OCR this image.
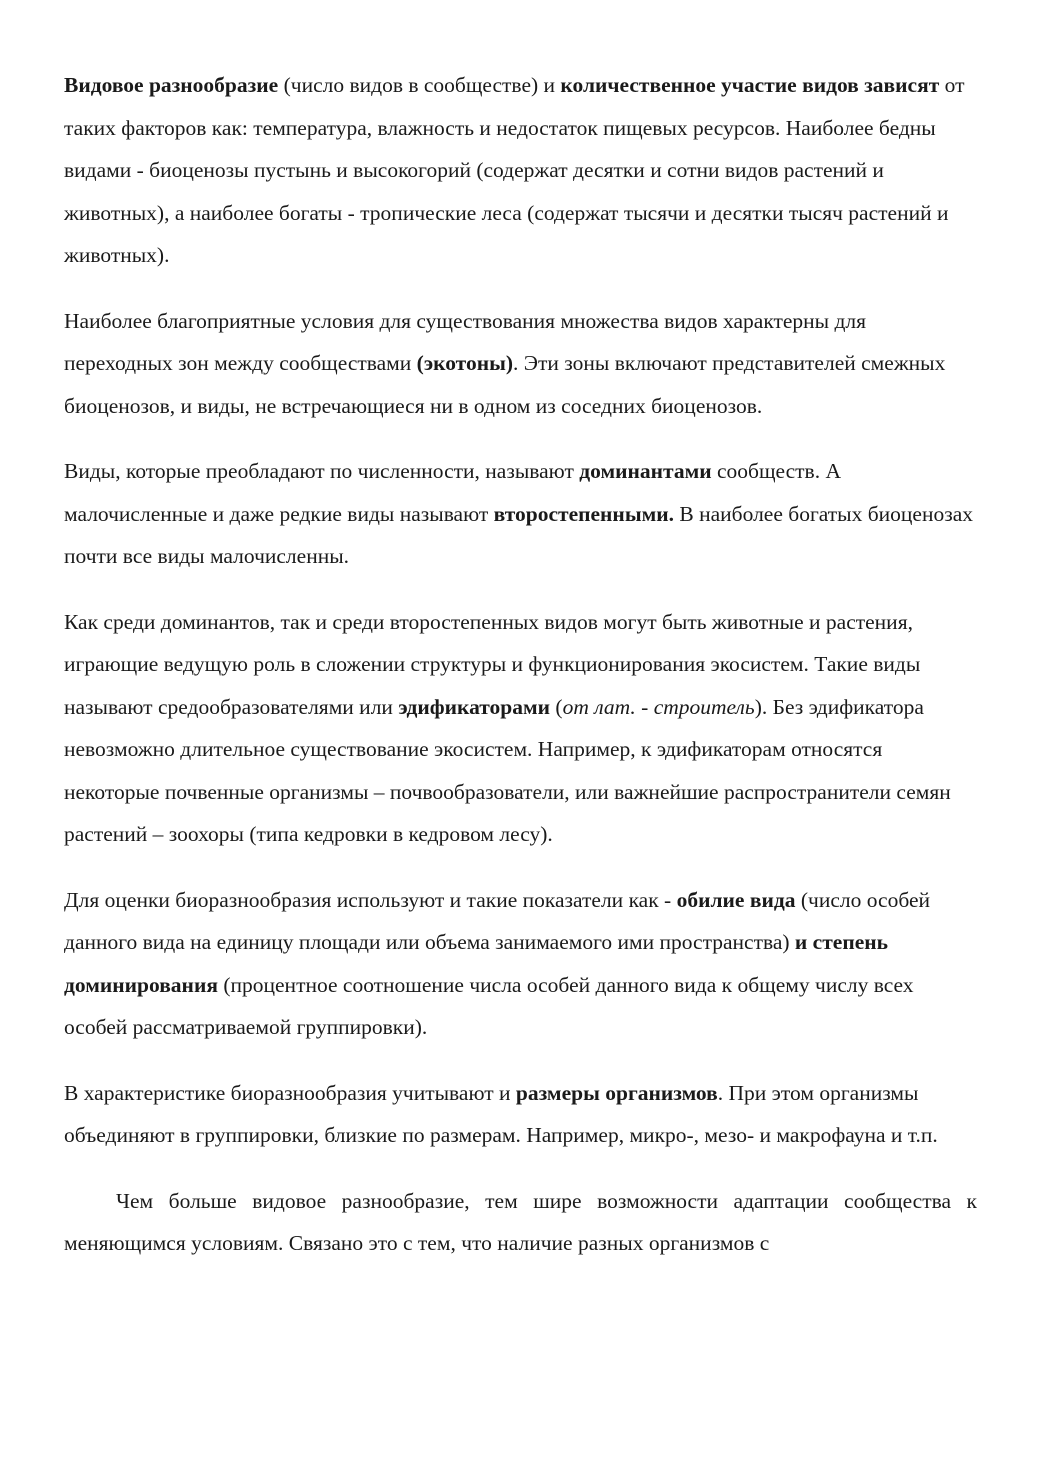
Видовое разнообразие (число видов в сообществе) и количественное участие видов зависят от таких факторов как: температура, влажность и недостаток пищевых ресурсов. Наиболее бедны видами - биоценозы пустынь и высокогорий (содержат десятки и сотни видов растений и животных), а наиболее богаты - тропические леса (содержат тысячи и десятки тысяч растений и животных).

Наиболее благоприятные условия для существования множества видов характерны для переходных зон между сообществами (экотоны). Эти зоны включают представителей смежных биоценозов, и виды, не встречающиеся ни в одном из соседних биоценозов.

Виды, которые преобладают по численности, называют доминантами сообществ. А малочисленные и даже редкие виды называют второстепенными. В наиболее богатых биоценозах почти все виды малочисленны.

Как среди доминантов, так и среди второстепенных видов могут быть животные и растения, играющие ведущую роль в сложении структуры и функционирования экосистем. Такие виды называют средообразователями или эдификаторами (от лат. - строитель). Без эдификатора невозможно длительное существование экосистем. Например, к эдификаторам относятся некоторые почвенные организмы – почвообразователи, или важнейшие распространители семян растений – зоохоры (типа кедровки в кедровом лесу).

Для оценки биоразнообразия используют и такие показатели как - обилие вида (число особей данного вида на единицу площади или объема занимаемого ими пространства) и степень доминирования (процентное соотношение числа особей данного вида к общему числу всех особей рассматриваемой группировки).

В характеристике биоразнообразия учитывают и размеры организмов. При этом организмы объединяют в группировки, близкие по размерам. Например, микро-, мезо- и макрофауна и т.п.

Чем больше видовое разнообразие, тем шире возможности адаптации сообщества к меняющимся условиям. Связано это с тем, что наличие разных организмов с
